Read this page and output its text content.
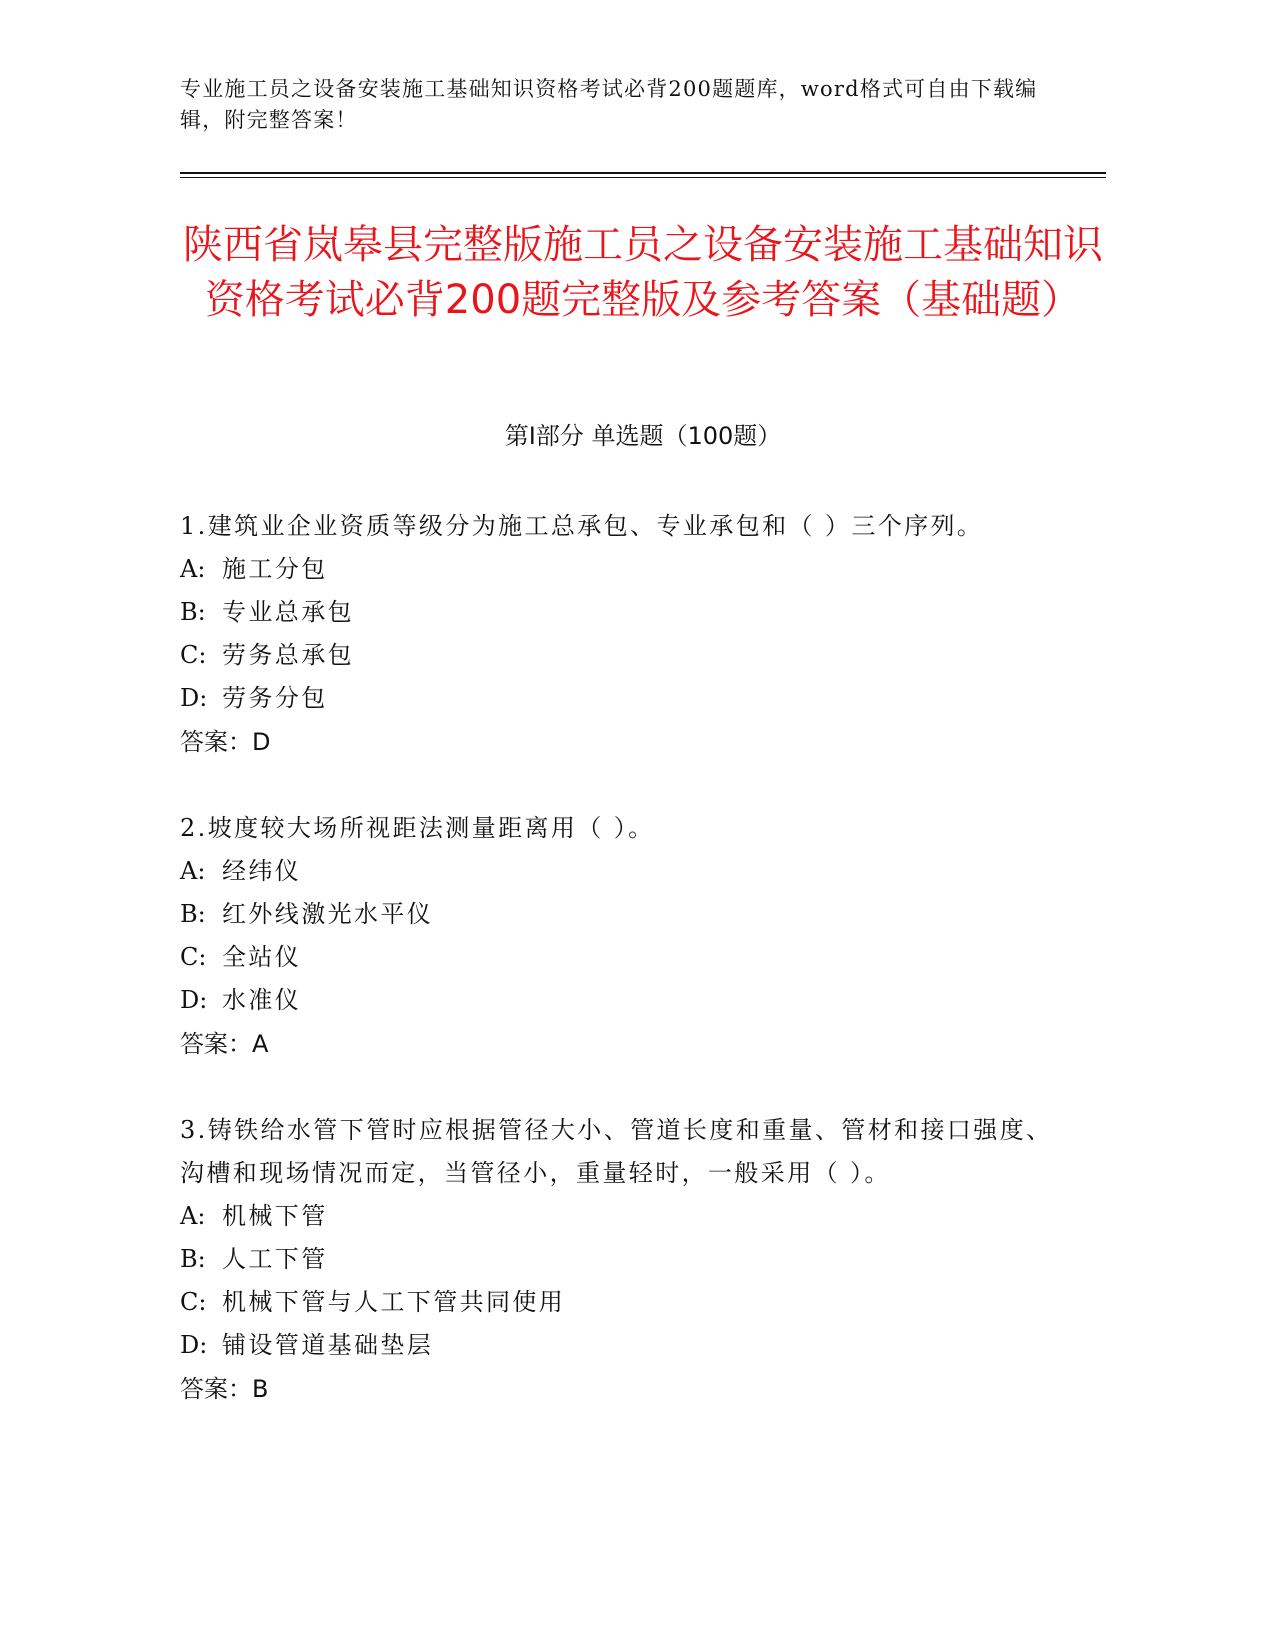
专业施工员之设备安装施工基础知识资格考试必背200题题库，word格式可自由下载编辑，附完整答案！
陕西省岚皋县完整版施工员之设备安装施工基础知识资格考试必背200题完整版及参考答案（基础题）
第Ⅰ部分 单选题（100题）
1.建筑业企业资质等级分为施工总承包、专业承包和（ ）三个序列。
A: 施工分包
B: 专业总承包
C: 劳务总承包
D: 劳务分包
答案：D
2.坡度较大场所视距法测量距离用（ ）。
A: 经纬仪
B: 红外线激光水平仪
C: 全站仪
D: 水准仪
答案：A
3.铸铁给水管下管时应根据管径大小、管道长度和重量、管材和接口强度、沟槽和现场情况而定，当管径小，重量轻时，一般采用（ ）。
A: 机械下管
B: 人工下管
C: 机械下管与人工下管共同使用
D: 铺设管道基础垫层
答案：B
